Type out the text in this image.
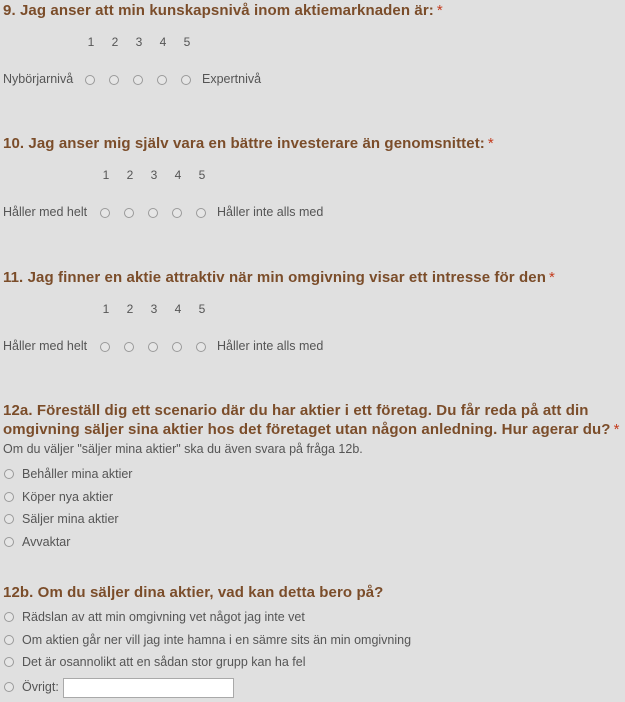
9. Jag anser att min kunskapsnivå inom aktiemarknaden är: *

1	2	3	4	5
Nybörjarnivå	Expertnivå

10. Jag anser mig själv vara en bättre investerare än genomsnittet: *

1	2	3	4	5
Håller med helt	Håller inte alls med

11. Jag finner en aktie attraktiv när min omgivning visar ett intresse för den *

1	2	3	4	5
Håller med helt	Håller inte alls med

12a. Föreställ dig ett scenario där du har aktier i ett företag. Du får reda på att din

omgivning säljer sina aktier hos det företaget utan någon anledning. Hur agerar du? *

Om du väljer "säljer mina aktier" ska du även svara på fråga 12b.
Behåller mina aktier
Köper nya aktier
Säljer mina aktier
Avvaktar

12b. Om du säljer dina aktier, vad kan detta bero på?

Rädslan av att min omgivning vet något jag inte vet
Om aktien går ner vill jag inte hamna i en sämre sits än min omgivning
Det är osannolikt att en sådan stor grupp kan ha fel
Övrigt:
